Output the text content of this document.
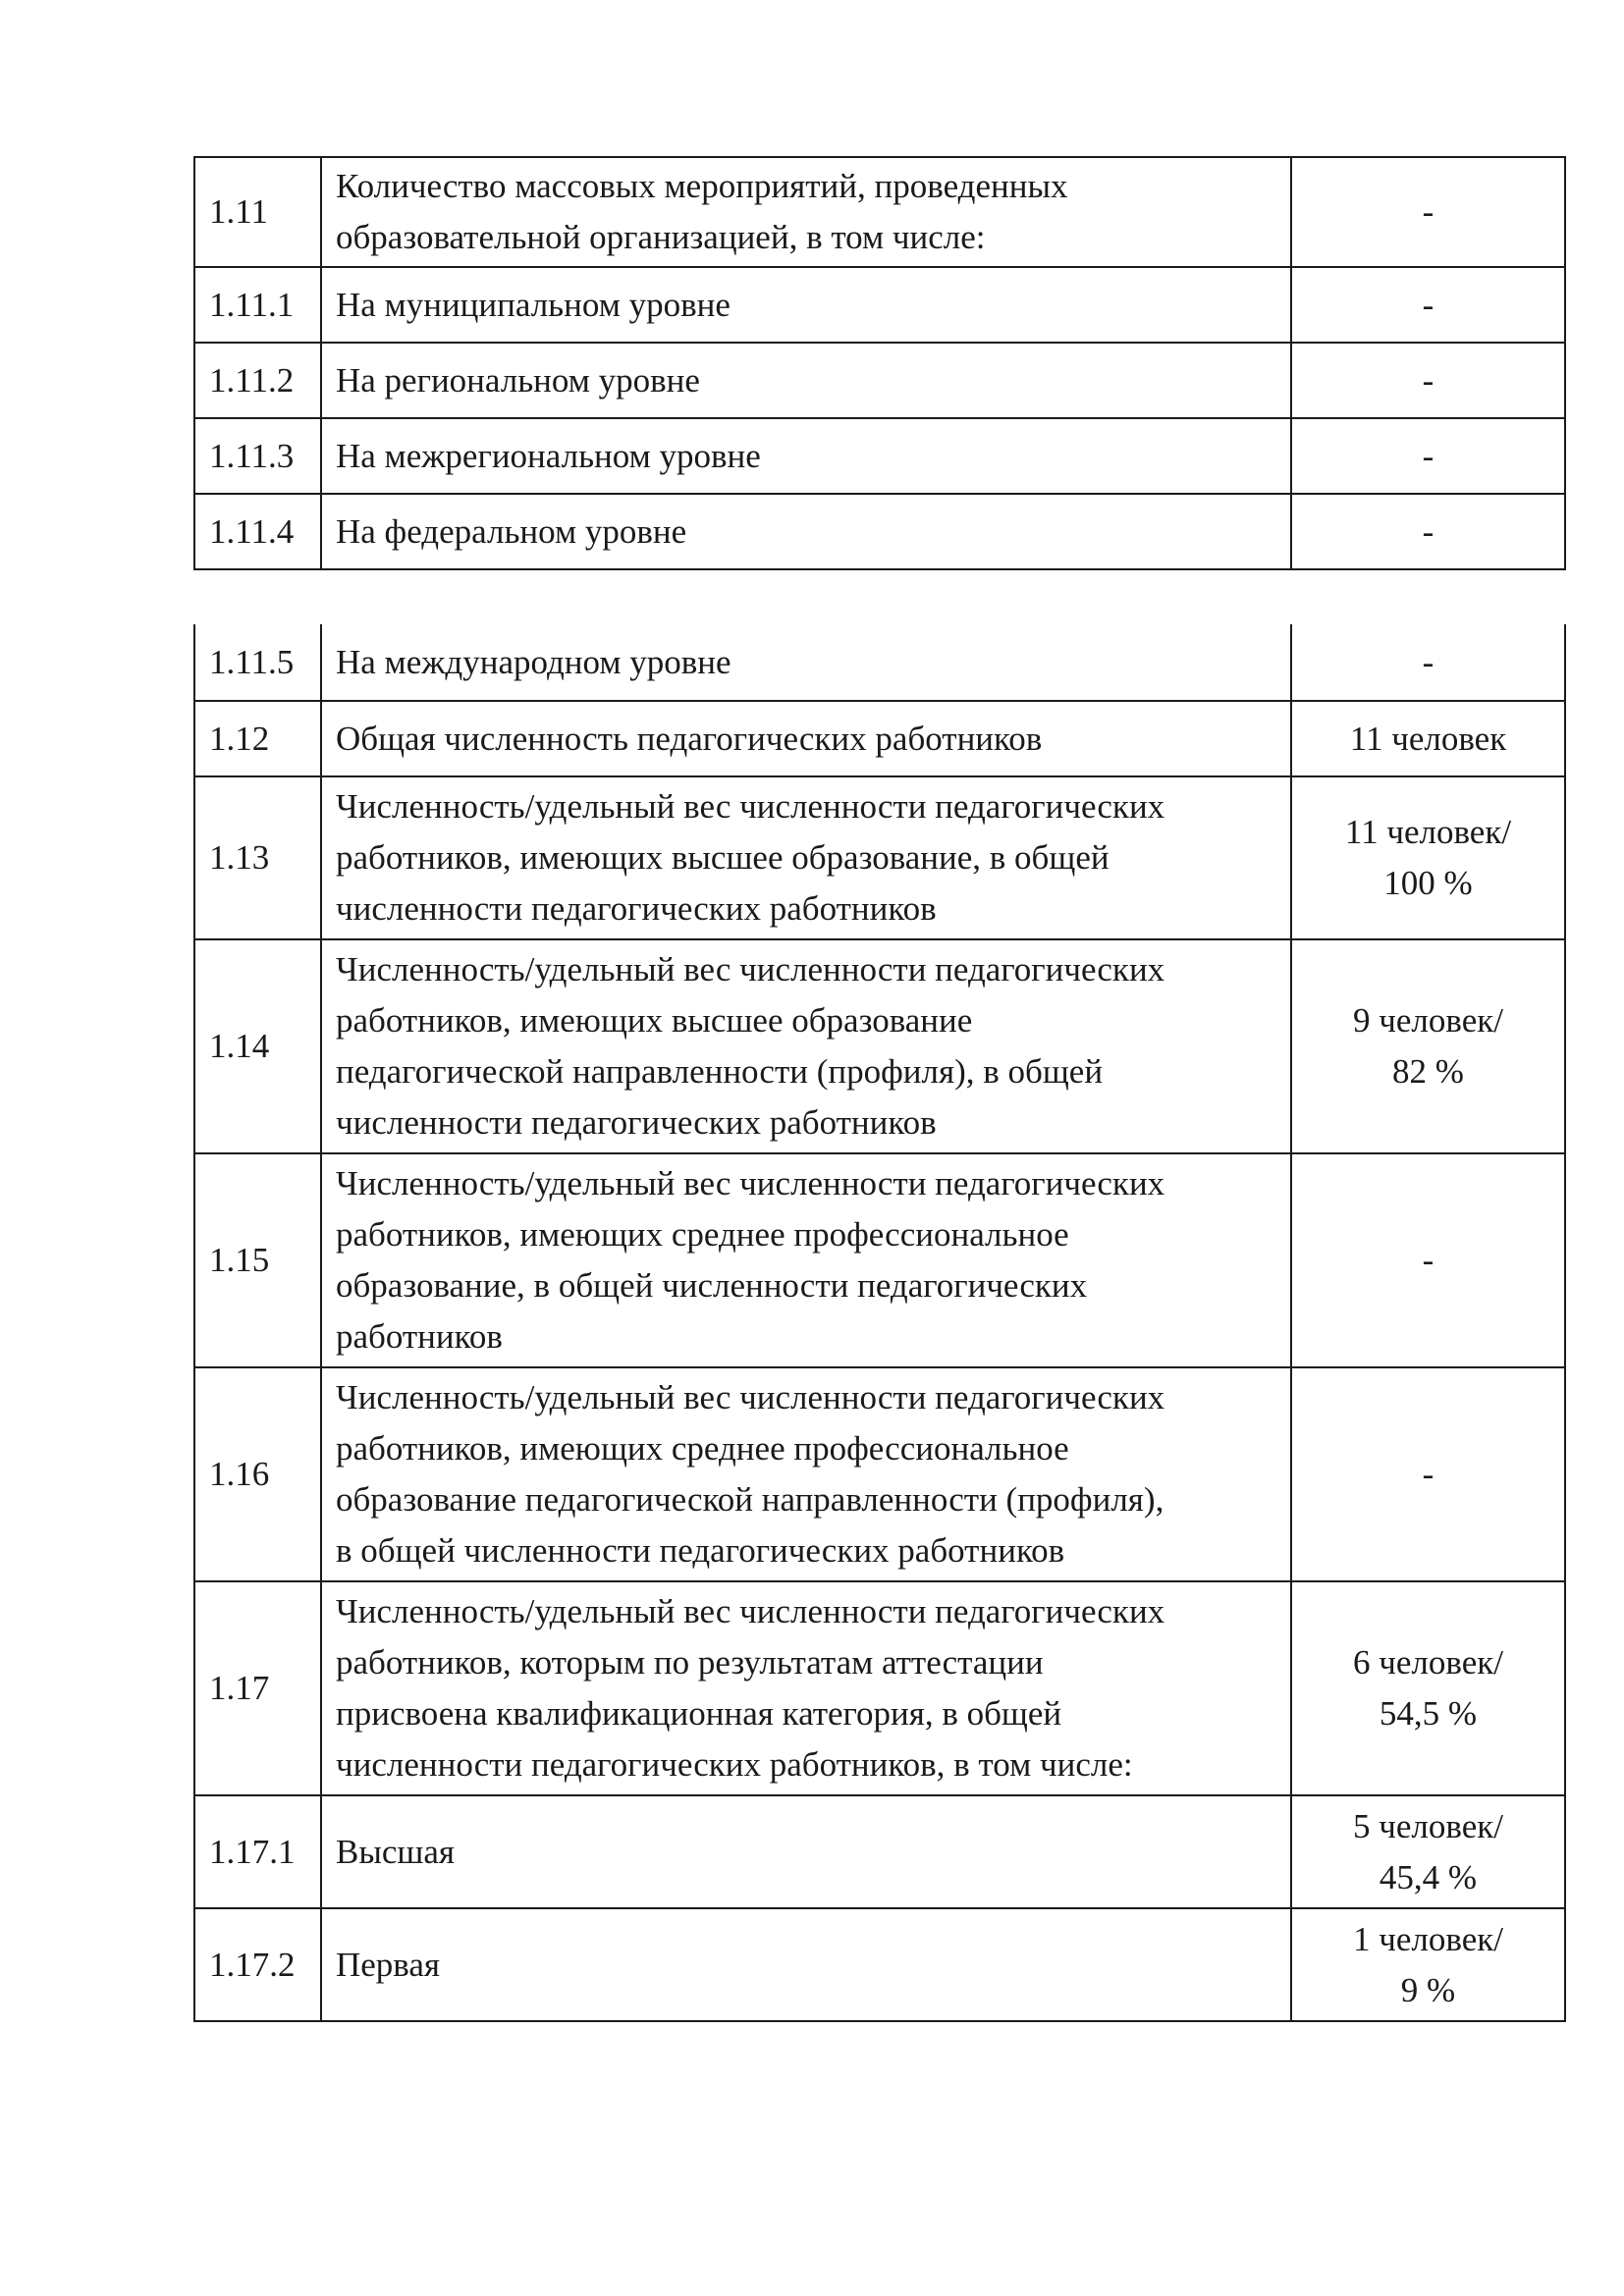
1.11	Количество массовых мероприятий, проведенных
образовательной организацией, в том числе:	-

1.11.1	На муниципальном уровне	-

1.11.2	На региональном уровне	-

1.11.3	На межрегиональном уровне	-

1.11.4	На федеральном уровне	-
1.11.5	На международном уровне	-

1.12	Общая численность педагогических работников	11 человек

1.13	Численность/удельный вес численности педагогических
работников, имеющих высшее образование, в общей
численности педагогических работников	11 человек/
100 %

1.14	Численность/удельный вес численности педагогических
работников, имеющих высшее образование
педагогической направленности (профиля), в общей
численности педагогических работников	9 человек/
82 %

1.15	Численность/удельный вес численности педагогических
работников, имеющих среднее профессиональное
образование, в общей численности педагогических
работников	-

1.16	Численность/удельный вес численности педагогических
работников, имеющих среднее профессиональное
образование педагогической направленности (профиля),
в общей численности педагогических работников	-

1.17	Численность/удельный вес численности педагогических
работников, которым по результатам аттестации
присвоена квалификационная категория, в общей
численности педагогических работников, в том числе:	6 человек/
54,5 %

1.17.1	Высшая	5 человек/
45,4 %

1.17.2	Первая	1 человек/
9 %
